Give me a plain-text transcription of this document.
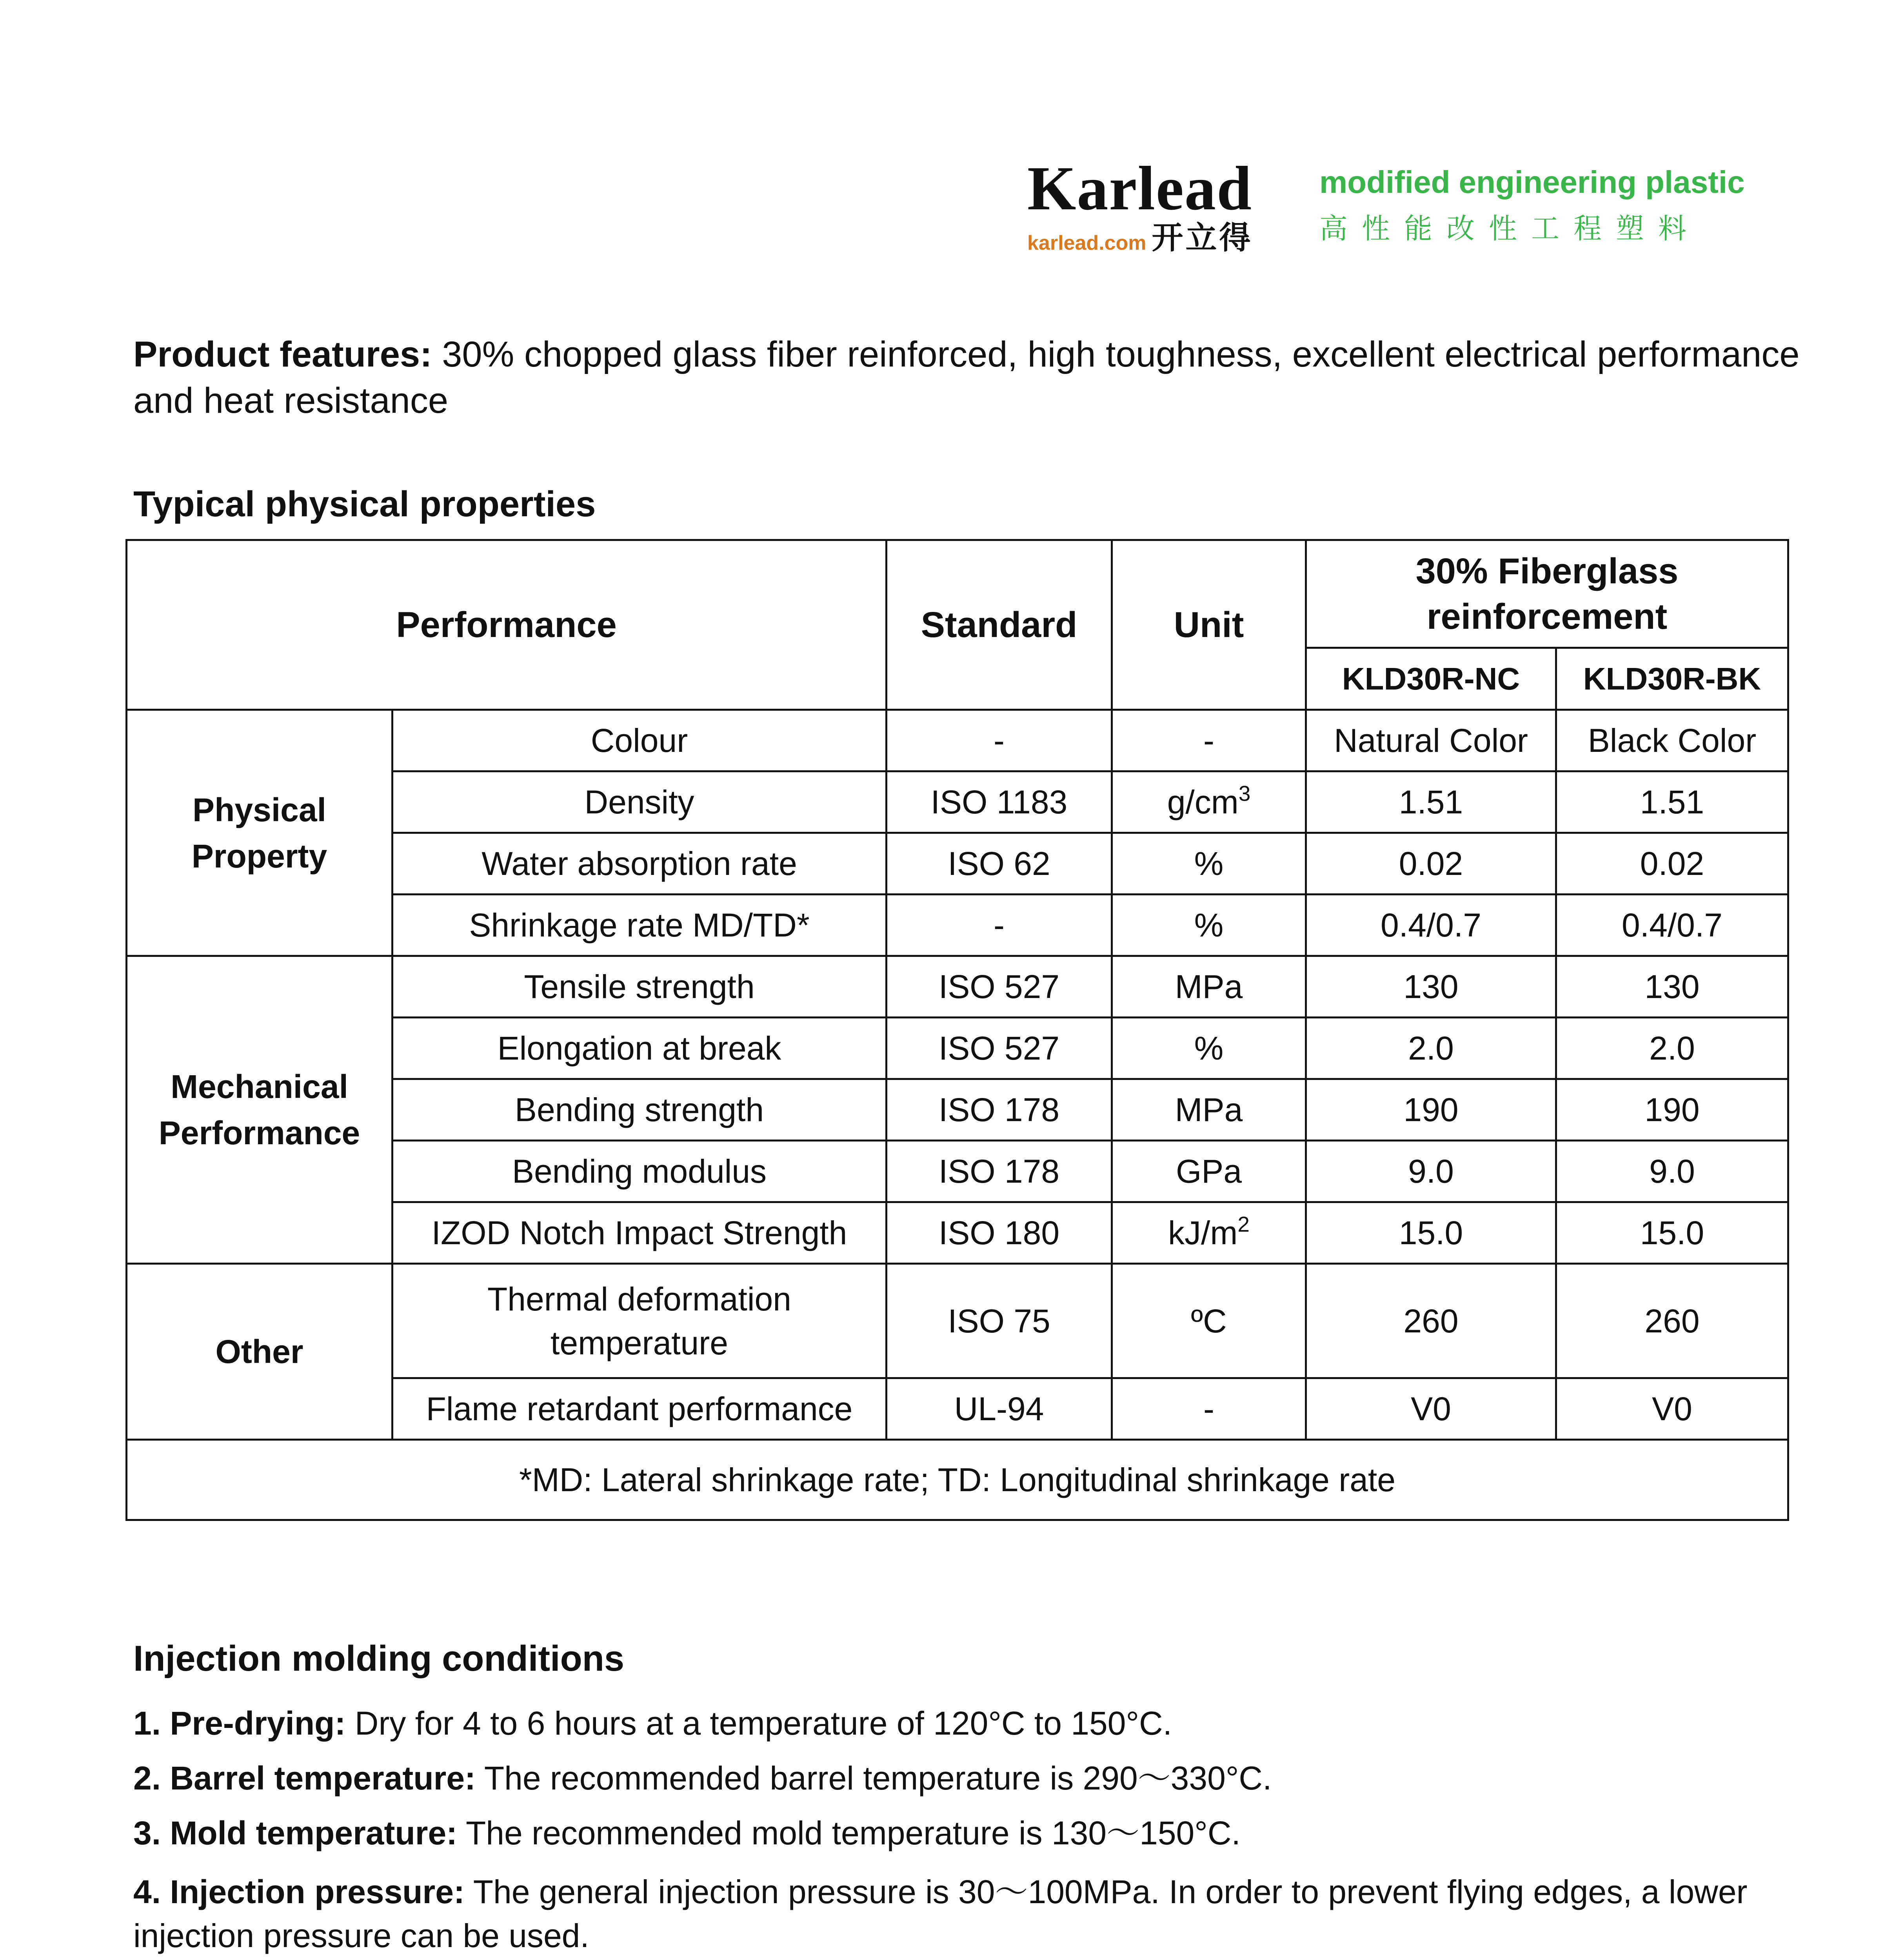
Karlead
karlead.com 开立得
modified engineering plastic
高性能改性工程塑料
Product features: 30% chopped glass fiber reinforced, high toughness, excellent electrical performance and heat resistance
Typical physical properties
Performance		Standard	Unit	30% Fiberglass reinforcement	
				KLD30R-NC	KLD30R-BK
Physical Property	Colour	-	-	Natural Color	Black Color
	Density	ISO 1183	$g/cm^3$	1.51	1.51
	Water absorption rate	ISO 62	%	0.02	0.02
	Shrinkage rate MD/TD*	-	%	0.4/0.7	0.4/0.7
Mechanical Performance	Tensile strength	ISO 527	MPa	130	130
	Elongation at break	ISO 527	%	2.0	2.0
	Bending strength	ISO 178	MPa	190	190
	Bending modulus	ISO 178	GPa	9.0	9.0
	IZOD Notch Impact Strength	ISO 180	$kJ/m^2$	15.0	15.0
Other	Thermal deformation temperature	ISO 75	ºC	260	260
	Flame retardant performance	UL-94	-	V0	V0
*MD: Lateral shrinkage rate; TD: Longitudinal shrinkage rate					
Injection molding conditions
1. Pre-drying: Dry for 4 to 6 hours at a temperature of 120°C to 150°C.
2. Barrel temperature: The recommended barrel temperature is 290～330°C.
3. Mold temperature: The recommended mold temperature is 130～150°C.
4. Injection pressure: The general injection pressure is 30～100MPa. In order to prevent flying edges, a lower injection pressure can be used.
